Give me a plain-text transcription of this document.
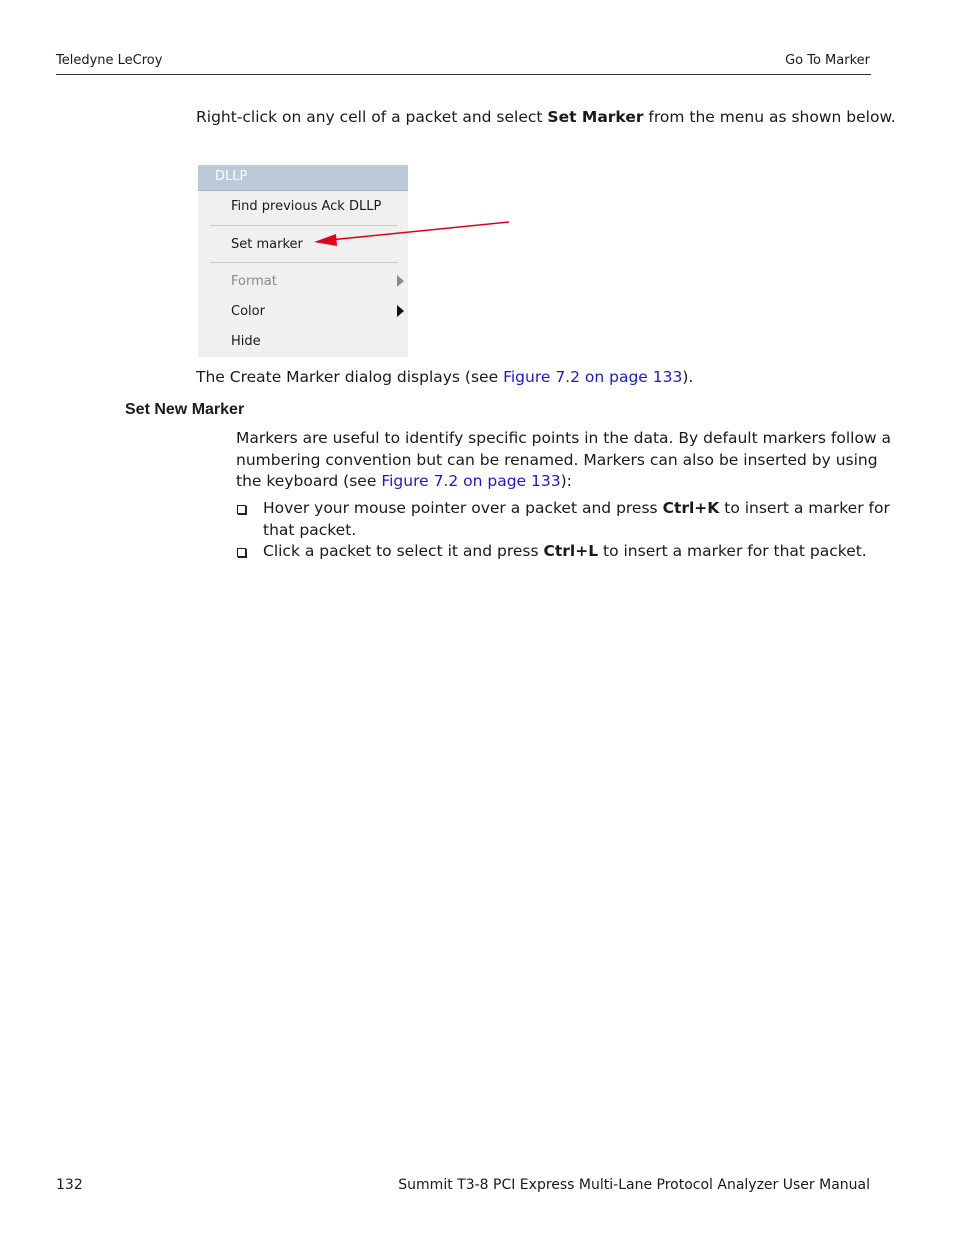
Teledyne LeCroy	Go To Marker
Right-click on any cell of a packet and select Set Marker from the menu as shown below.
DLLP
Find previous Ack DLLP
Set marker
Format
Color
Hide
The Create Marker dialog displays (see Figure 7.2 on page 133).
Set New Marker
Markers are useful to identify specific points in the data. By default markers follow a
numbering convention but can be renamed. Markers can also be inserted by using
the keyboard (see Figure 7.2 on page 133):
Hover your mouse pointer over a packet and press Ctrl+K to insert a marker for
that packet.
Click a packet to select it and press Ctrl+L to insert a marker for that packet.
132	Summit T3-8 PCI Express Multi-Lane Protocol Analyzer User Manual
